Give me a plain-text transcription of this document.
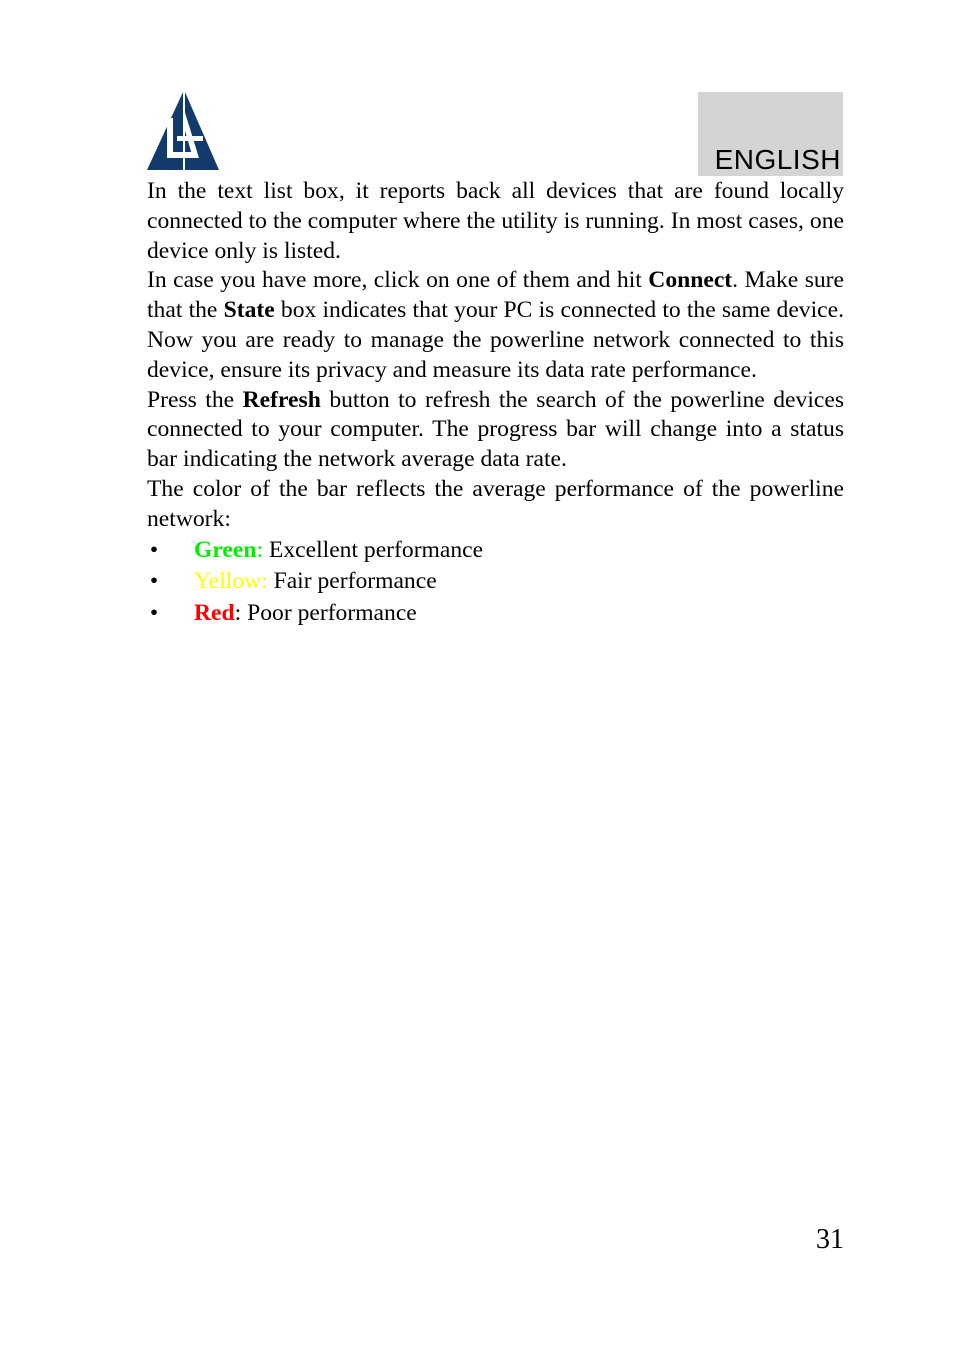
ENGLISH

In the text list box, it reports back all devices that are found locally connected to the computer where the utility is running. In most cases, one device only is listed.

In case you have more, click on one of them and hit Connect. Make sure that the State box indicates that your PC is connected to the same device. Now you are ready to manage the powerline network connected to this device, ensure its privacy and measure its data rate performance.

Press the Refresh button to refresh the search of the powerline devices connected to your computer. The progress bar will change into a status bar indicating the network average data rate.

The color of the bar reflects the average performance of the powerline network:

• Green: Excellent performance
• Yellow: Fair performance
• Red: Poor performance
31
